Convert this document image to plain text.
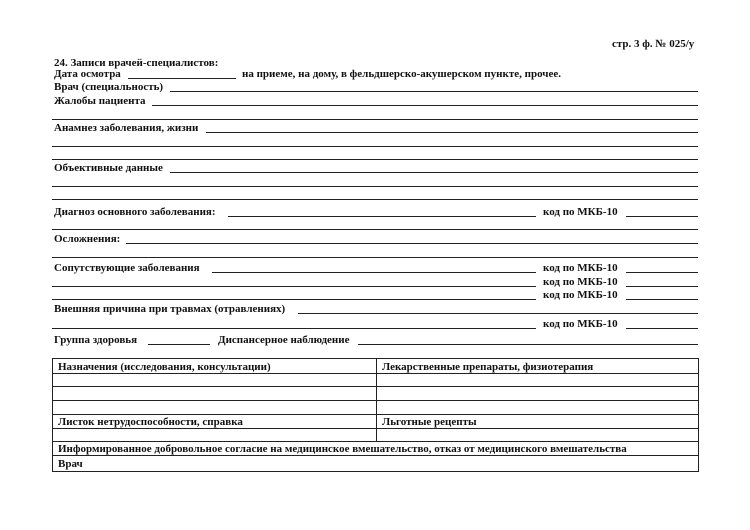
стр. 3 ф. № 025/у
24. Записи врачей-специалистов:
Дата осмотра	на приеме, на дому, в фельдшерско-акушерском пункте, прочее.
Врач (специальность)
Жалобы пациента
Анамнез заболевания, жизни
Объективные данные
Диагноз основного заболевания:	код по МКБ-10
Осложнения:
Сопутствующие заболевания	код по МКБ-10
код по МКБ-10
код по МКБ-10
Внешняя причина при травмах (отравлениях)
код по МКБ-10
Группа здоровья	Диспансерное наблюдение
Назначения (исследования, консультации)	Лекарственные препараты, физиотерапия
Листок нетрудоспособности, справка	Льготные рецепты
Информированное добровольное согласие на медицинское вмешательство, отказ от медицинского вмешательства
Врач
